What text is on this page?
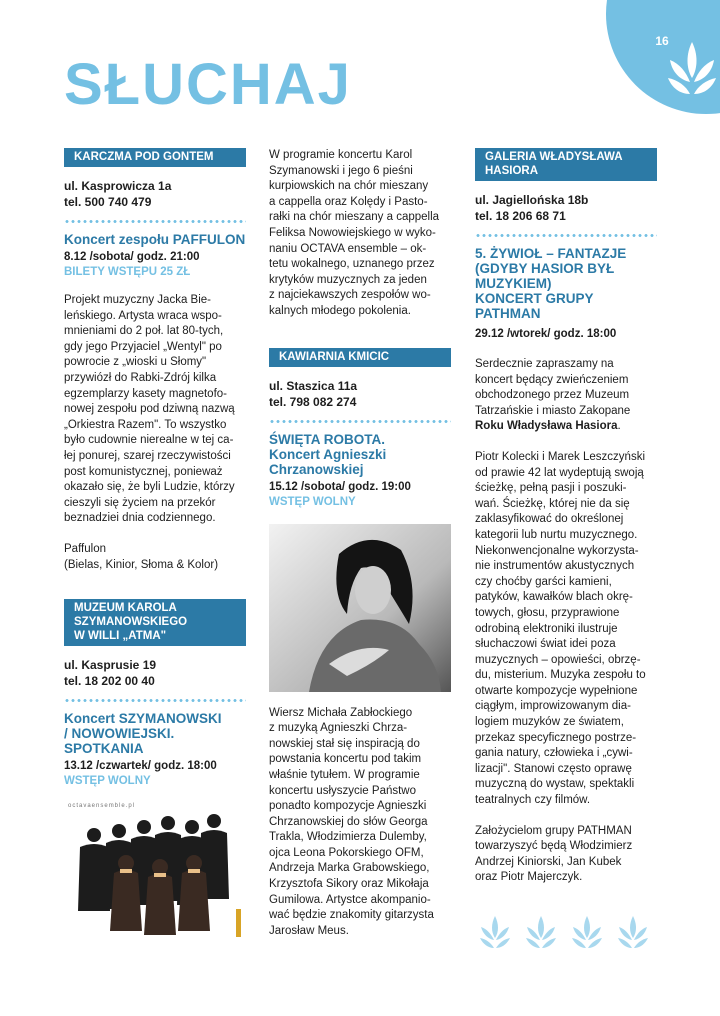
16
SŁUCHAJ
KARCZMA POD GONTEM
ul. Kasprowicza 1a
tel. 500 740 479
Koncert zespołu PAFFULON
8.12 /sobota/ godz. 21:00
BILETY WSTĘPU 25 ZŁ
Projekt muzyczny Jacka Bie-
leńskiego. Artysta wraca wspo-
mnieniami do 2 poł. lat 80-tych,
gdy jego Przyjaciel „Wentyl" po
powrocie z „wioski u Słomy"
przywiózł do Rabki-Zdrój kilka
egzemplarzy kasety magnetofo-
nowej zespołu pod dziwną nazwą
„Orkiestra Razem". To wszystko
było cudownie nierealne w tej ca-
łej ponurej, szarej rzeczywistości
post komunistycznej, ponieważ
okazało się, że byli Ludzie, którzy
cieszyli się życiem na przekór
beznadziei dnia codziennego.
Paffulon
(Bielas, Kinior, Słoma & Kolor)
MUZEUM KAROLA
SZYMANOWSKIEGO
W WILLI „ATMA"
ul. Kasprusie 19
tel. 18 202 00 40
Koncert SZYMANOWSKI
/ NOWOWIEJSKI.
SPOTKANIA
13.12 /czwartek/ godz. 18:00
WSTĘP WOLNY
octavaensemble.pl
W programie koncertu Karol
Szymanowski i jego 6 pieśni
kurpiowskich na chór mieszany
a cappella oraz Kolędy i Pasto-
rałki na chór mieszany a cappella
Feliksa Nowowiejskiego w wyko-
naniu OCTAVA ensemble – ok-
tetu wokalnego, uznanego przez
krytyków muzycznych za jeden
z najciekawszych zespołów wo-
kalnych młodego pokolenia.
KAWIARNIA KMICIC
ul. Staszica 11a
tel. 798 082 274
ŚWIĘTA ROBOTA.
Koncert Agnieszki
Chrzanowskiej
15.12 /sobota/ godz. 19:00
WSTĘP WOLNY
Wiersz Michała Zabłockiego
z muzyką Agnieszki Chrza-
nowskiej stał się inspiracją do
powstania koncertu pod takim
właśnie tytułem. W programie
koncertu usłyszycie Państwo
ponadto kompozycje Agnieszki
Chrzanowskiej do słów Georga
Trakla, Włodzimierza Dulemby,
ojca Leona Pokorskiego OFM,
Andrzeja Marka Grabowskiego,
Krzysztofa Sikory oraz Mikołaja
Gumilowa. Artystce akompanio-
wać będzie znakomity gitarzysta
Jarosław Meus.
GALERIA WŁADYSŁAWA
HASIORA
ul. Jagiellońska 18b
tel. 18 206 68 71
5. ŻYWIOŁ – FANTAZJE
(GDYBY HASIOR BYŁ
MUZYKIEM)
KONCERT GRUPY
PATHMAN
29.12 /wtorek/ godz. 18:00
Serdecznie zapraszamy na
koncert będący zwieńczeniem
obchodzonego przez Muzeum
Tatrzańskie i miasto Zakopane
Roku Władysława Hasiora.
Piotr Kolecki i Marek Leszczyński
od prawie 42 lat wydeptują swoją
ścieżkę, pełną pasji i poszuki-
wań. Ścieżkę, której nie da się
zaklasyfikować do określonej
kategorii lub nurtu muzycznego.
Niekonwencjonalne wykorzysta-
nie instrumentów akustycznych
czy choćby garści kamieni,
patyków, kawałków blach okrę-
towych, głosu, przyprawione
odrobiną elektroniki ilustruje
słuchaczowi świat idei poza
muzycznych – opowieści, obrzę-
du, misterium. Muzyka zespołu to
otwarte kompozycje wypełnione
ciągłym, improwizowanym dia-
logiem muzyków ze światem,
przekaz specyficznego postrze-
gania natury, człowieka i „cywi-
lizacji". Stanowi często oprawę
muzyczną do wystaw, spektakli
teatralnych czy filmów.
Założycielom grupy PATHMAN
towarzyszyć będą Włodzimierz
Andrzej Kiniorski, Jan Kubek
oraz Piotr Majerczyk.
